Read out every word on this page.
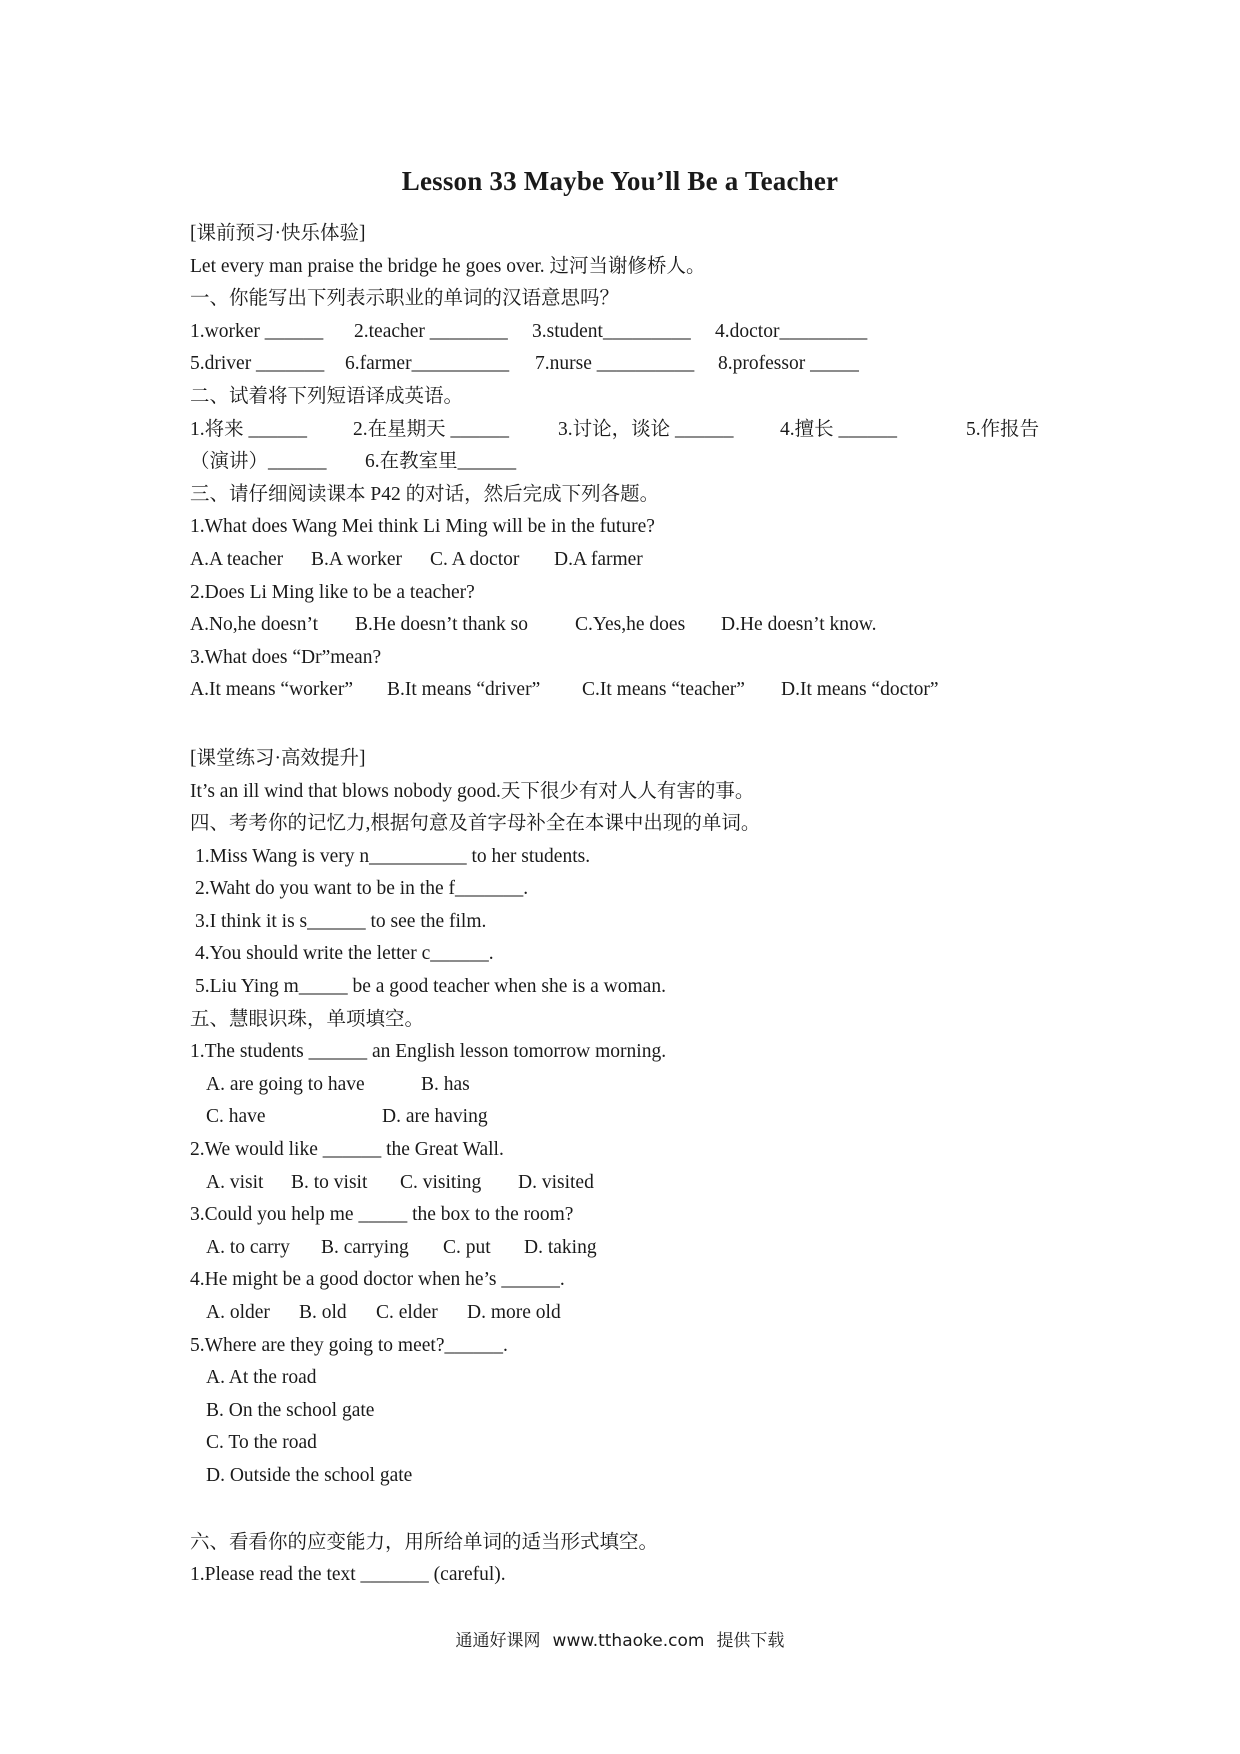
Lesson 33 Maybe You’ll Be a Teacher
[课前预习·快乐体验]
Let every man praise the bridge he goes over. 过河当谢修桥人。
一、你能写出下列表示职业的单词的汉语意思吗？
1.worker ______ 2.teacher ________ 3.student_________ 4.doctor_________
5.driver _______ 6.farmer__________ 7.nurse __________ 8.professor _____
二、试着将下列短语译成英语。
1.将来 ______ 2.在星期天 ______	3.讨论，谈论 ______ 4.擅长 ______	5.作报告
（演讲）______ 6.在教室里______
三、请仔细阅读课本 P42 的对话，然后完成下列各题。
1.What does Wang Mei think Li Ming will be in the future?
A.A teacher B.A worker C. A doctor D.A farmer
2.Does Li Ming like to be a teacher?
A.No,he doesn’t B.He doesn’t thank so C.Yes,he does D.He doesn’t know.
3.What does “Dr”mean?
A.It means “worker” B.It means “driver” C.It means “teacher” D.It means “doctor”
[课堂练习·高效提升]
It’s an ill wind that blows nobody good.天下很少有对人人有害的事。
四、考考你的记忆力,根据句意及首字母补全在本课中出现的单词。
1.Miss Wang is very n__________ to her students.
2.Waht do you want to be in the f_______.
3.I think it is s______ to see the film.
4.You should write the letter c______.
5.Liu Ying m_____ be a good teacher when she is a woman.
五、慧眼识珠，单项填空。
1.The students ______ an English lesson tomorrow morning.
A. are going to have	B. has
C. have	D. are having
2.We would like ______ the Great Wall.
A. visit B. to visit C. visiting D. visited
3.Could you help me _____ the box to the room?
A. to carry B. carrying C. put D. taking
4.He might be a good doctor when he’s ______.
A. older B. old C. elder D. more old
5.Where are they going to meet?______.
A. At the road
B. On the school gate
C. To the road
D. Outside the school gate
六、看看你的应变能力，用所给单词的适当形式填空。
1.Please read the text _______ (careful).
通通好课网 www.tthaoke.com 提供下载
